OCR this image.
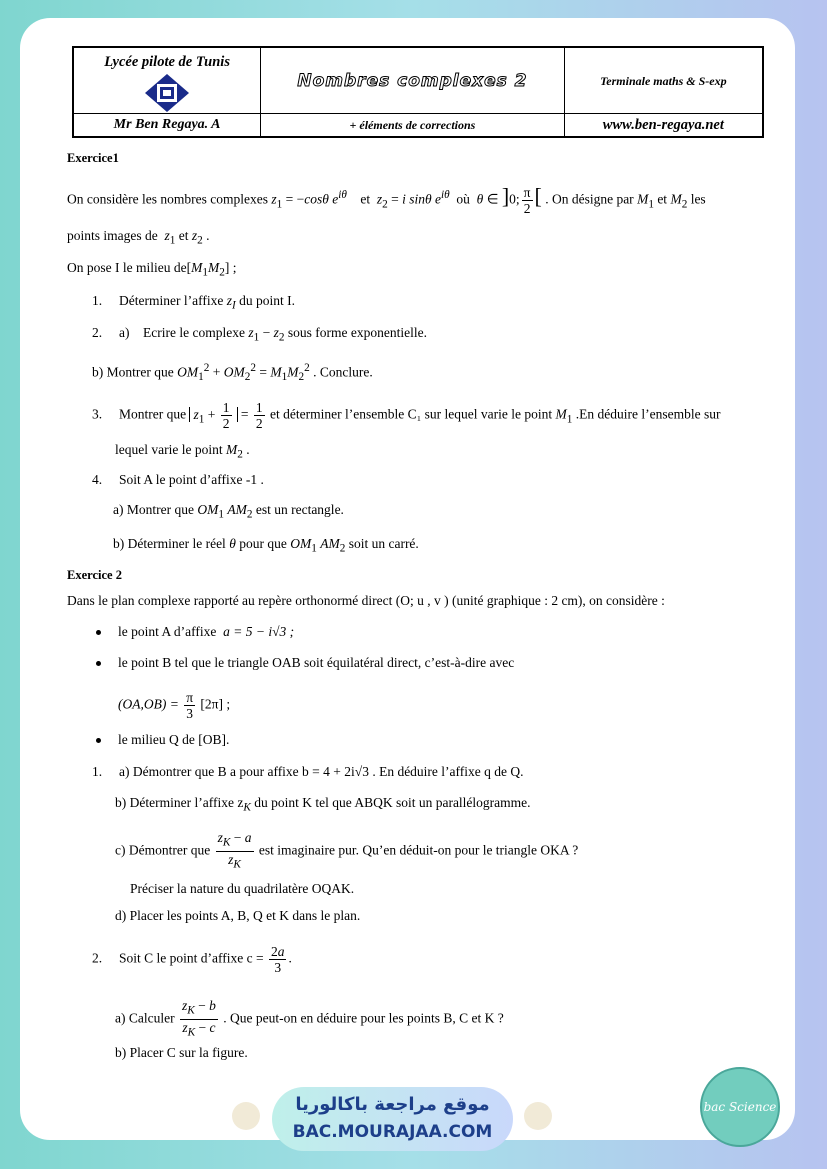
Lycée pilote de Tunis	Nombres complexes 2	Terminale maths & S-exp
Mr Ben Regaya. A	+ éléments de corrections	www.ben-regaya.net
Exercice1
On considère les nombres complexes $z_1 = -\cos\theta$ $e^{i\theta}$ et $z_2 = i$ sinθ $e^{i\theta}$ où θ ∈ ]0; $\frac{\pi}{2}$ [ . On désigne par $M_1$ et $M_2$ les
points images de $z_1$ et $z_2$ .
On pose I le milieu $de[M_1M_2]$ ;
1. Déterminer l’affixe $z_I$ du point I.
2. a) Ecrire le complexe $z_1 - z_2$ sous forme exponentielle.
b) Montrer que $OM_1^2 + OM_2^2 = M_1M_2^2$ . Conclure.
3. Montrer que $z_1 + \frac{1}{2} = \frac{1}{2}$ et déterminer l’ensemble C₁ sur lequel varie le point $M_1$ .En déduire l’ensemble sur
lequel varie le point $M_2$ .
4. Soit A le point d’affixe -1 .
a) Montrer que $OM_1$ $AM_2$ est un rectangle.
b) Déterminer le réel θ pour que $OM_1$ $AM_2$ soit un carré.
Exercice 2
Dans le plan complexe rapporté au repère orthonormé direct (O; u , v ) (unité graphique : 2 cm), on considère :
le point A d’affixe a = 5 − i√3 ;
le point B tel que le triangle OAB soit équilatéral direct, c’est-à-dire avec
$(OA,OB) = \frac{\pi}{3} [2\pi]$ ;
le milieu Q de [OB].
1. a) Démontrer que B a pour affixe b = 4 + 2i√3 . En déduire l’affixe q de Q.
b) Déterminer l’affixe $z_K$ du point K tel que ABQK soit un parallélogramme.
c) Démontrer que $\frac{z_K - a}{z_K}$ est imaginaire pur. Qu’en déduit-on pour le triangle OKA ?
Préciser la nature du quadrilatère OQAK.
d) Placer les points A, B, Q et K dans le plan.
2. Soit C le point d’affixe $c = \frac{2a}{3}$ .
a) Calculer $\frac{z_K - b}{z_K - c}$ . Que peut-on en déduire pour les points B, C et K ?
b) Placer C sur la figure.
موقع مراجعة باكالوريا
BAC.MOURAJAA.COM
bac Science
